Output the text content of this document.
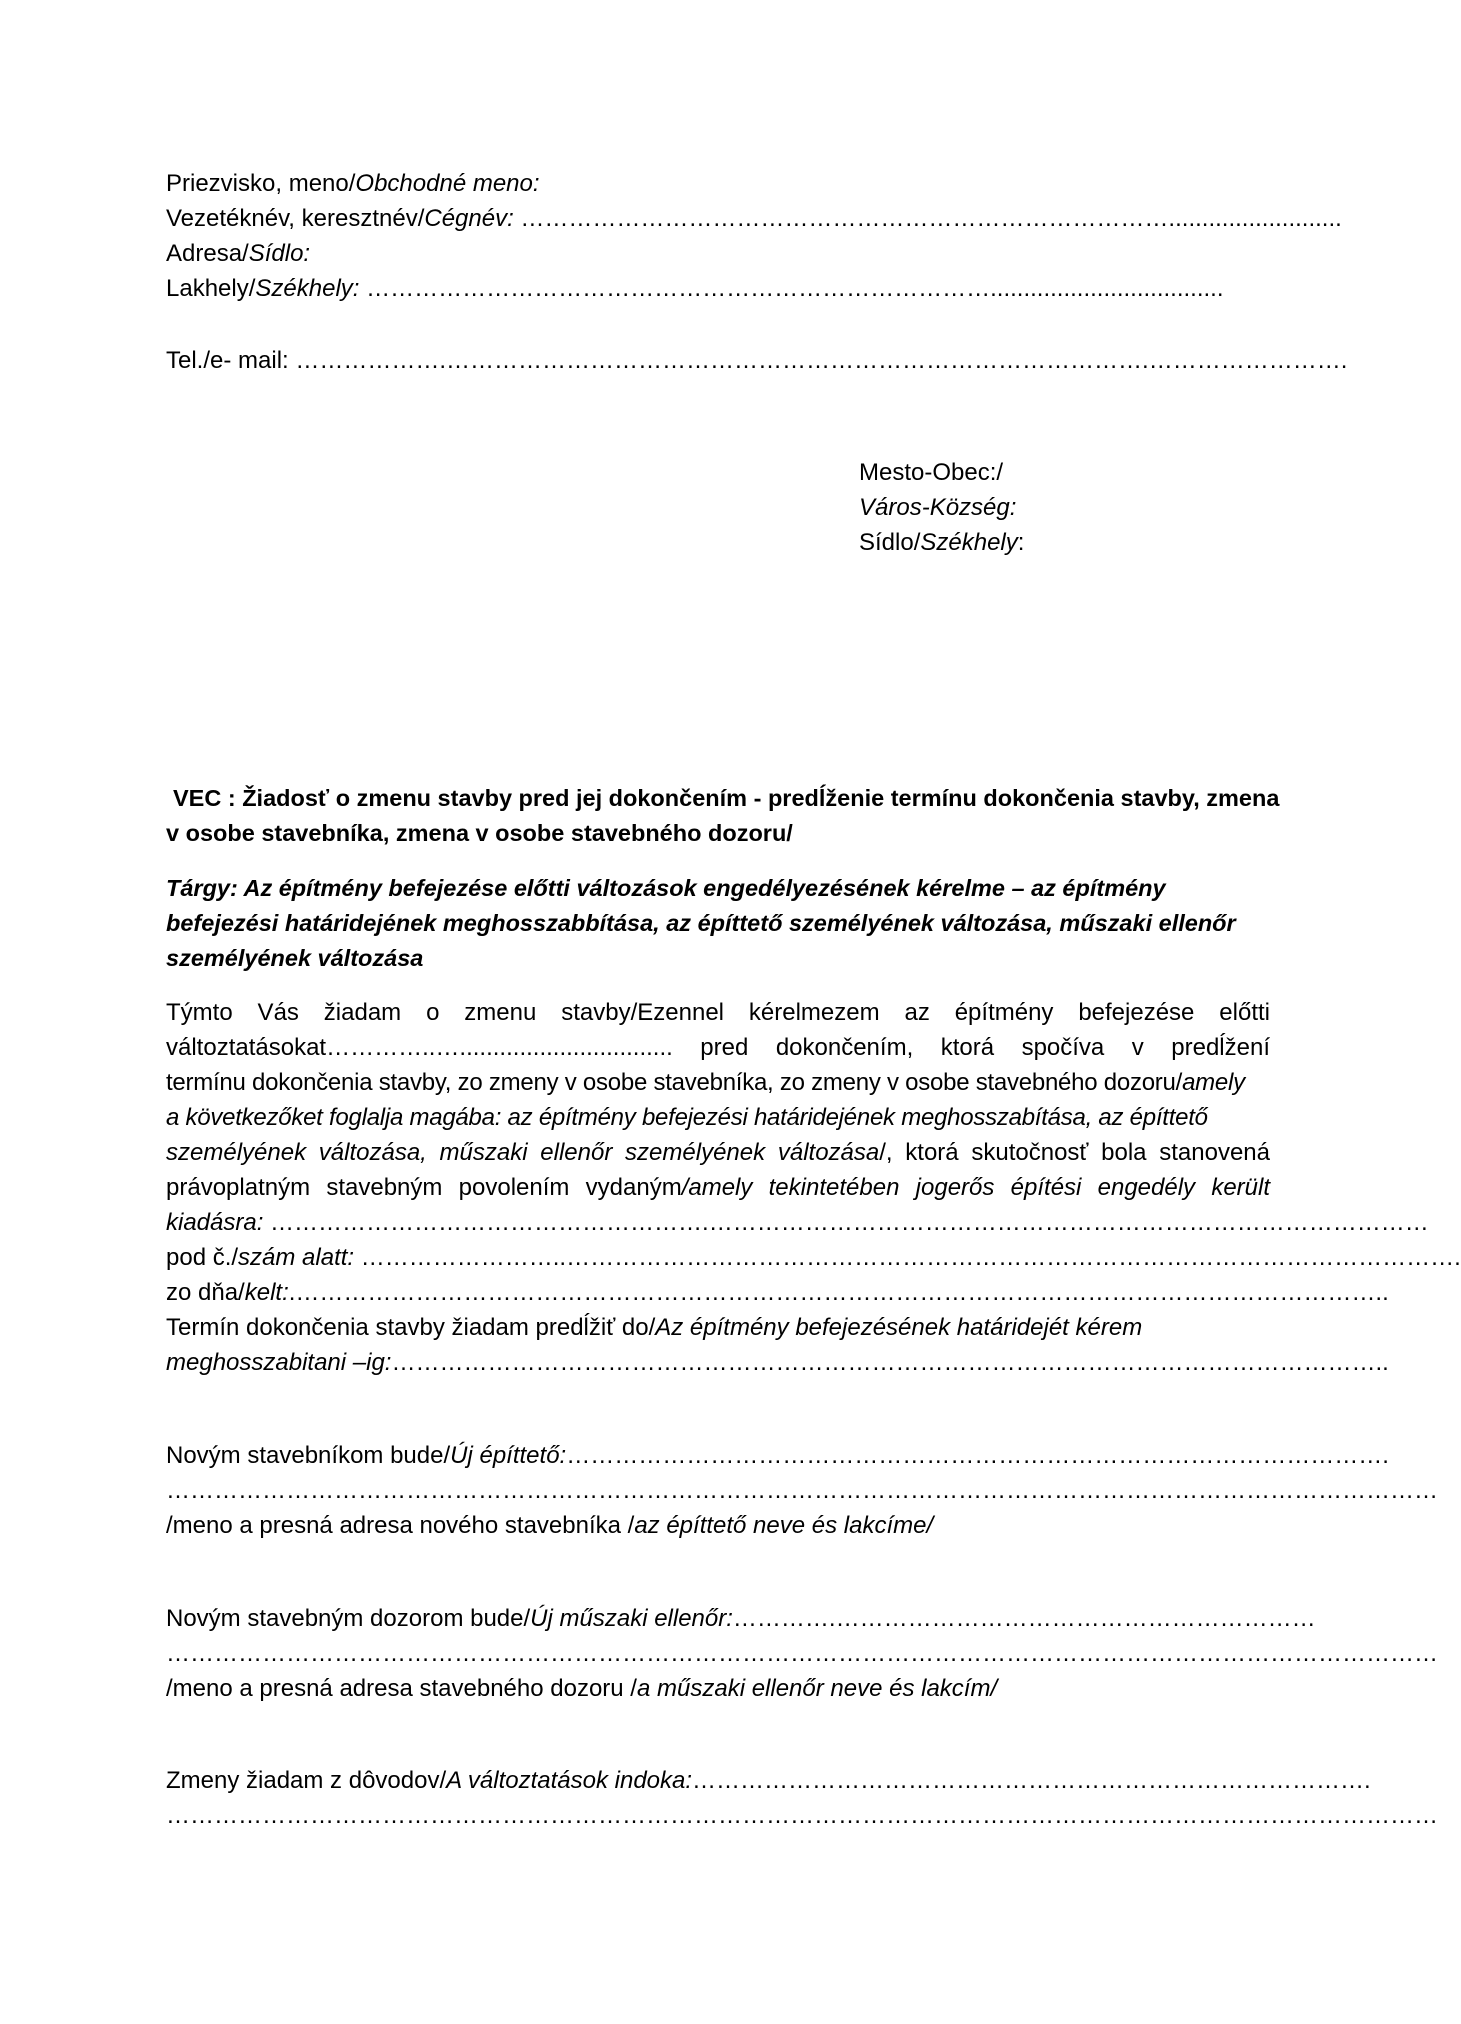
Priezvisko, meno/Obchodné meno:
Vezetéknév, keresztnév/Cégnév: ………………………………………………………………………..........................
Adresa/Sídlo:
Lakhely/Székhely: ……………………………………………………………………...................................
Tel./e- mail: ……………….…………………………………………………………………………….…………………….
Mesto-Obec:/
Város-Község:
Sídlo/Székhely:
VEC : Žiadosť o zmenu stavby pred jej dokončením - predĺženie termínu dokončenia stavby, zmena
v osobe stavebníka, zmena v osobe stavebného dozoru/
Tárgy: Az építmény befejezése előtti változások engedélyezésének kérelme – az építmény
befejezési határidejének meghosszabbítása, az építtető személyének változása, műszaki ellenőr
személyének változása
Týmto Vás žiadam o zmenu stavby/Ezennel kérelmezem az építmény befejezése előtti
változtatásokat…………..…................................ pred dokončením, ktorá spočíva v predĺžení
termínu dokončenia stavby, zo zmeny v osobe stavebníka, zo zmeny v osobe stavebného dozoru/amely
a következőket foglalja magába: az építmény befejezési határidejének meghosszabítása, az építtető
személyének változása, műszaki ellenőr személyének változása/, ktorá skutočnosť bola stanovená
právoplatným stavebným povolením vydaným/amely tekintetében jogerős építési engedély került
kiadásra: ……………………………………………….………………………………………………………………………………
pod č./szám alatt: ……………………..………………………………………………………………………………………………….
zo dňa/kelt:.………………………………………………………………………………………………………………………..
Termín dokončenia stavby žiadam predĺžiť do/Az építmény befejezésének határidejét kérem
meghosszabitani –ig:……………………………………………………………………………………………………………..
Novým stavebníkom bude/Új építtető:………………………………………………………………………………………….
……………………………………………………………………………………………………………………………………………
/meno a presná adresa nového stavebníka /az építtető neve és lakcíme/
Novým stavebným dozorom bude/Új műszaki ellenőr:………….……………………………………………………
……………………………………………………………………………………………………………………………………………
/meno a presná adresa stavebného dozoru /a műszaki ellenőr neve és lakcím/
Zmeny žiadam z dôvodov/A változtatások indoka:………………………………………………………………………….
……………………………………………………………………………………………………………………………………………
